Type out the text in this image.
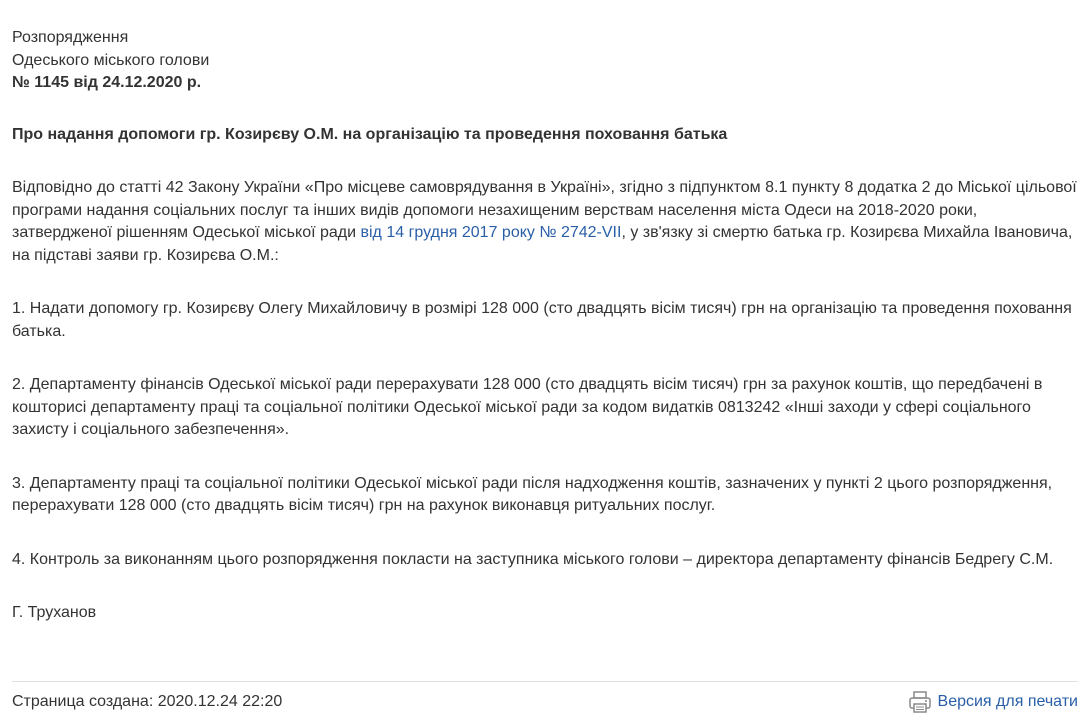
Розпорядження
Одеського міського голови
№ 1145 від 24.12.2020 р.

Про надання допомоги гр. Козирєву О.М. на організацію та проведення поховання батька

Відповідно до статті 42 Закону України «Про місцеве самоврядування в Україні», згідно з підпунктом 8.1 пункту 8 додатка 2 до Міської цільової програми надання соціальних послуг та інших видів допомоги незахищеним верствам населення міста Одеси на 2018-2020 роки, затвердженої рішенням Одеської міської ради від 14 грудня 2017 року № 2742-VII, у зв'язку зі смертю батька гр. Козирєва Михайла Івановича, на підставі заяви гр. Козирєва О.М.:

1. Надати допомогу гр. Козирєву Олегу Михайловичу в розмірі 128 000 (сто двадцять вісім тисяч) грн на організацію та проведення поховання батька.

2. Департаменту фінансів Одеської міської ради перерахувати 128 000 (сто двадцять вісім тисяч) грн за рахунок коштів, що передбачені в кошторисі департаменту праці та соціальної політики Одеської міської ради за кодом видатків 0813242 «Інші заходи у сфері соціального захисту і соціального забезпечення».

3. Департаменту праці та соціальної політики Одеської міської ради після надходження коштів, зазначених у пункті 2 цього розпорядження, перерахувати 128 000 (сто двадцять вісім тисяч) грн на рахунок виконавця ритуальних послуг.

4. Контроль за виконанням цього розпорядження покласти на заступника міського голови – директора департаменту фінансів Бедрегу С.М.

Г. Труханов

Страница создана: 2020.12.24 22:20	Версия для печати
